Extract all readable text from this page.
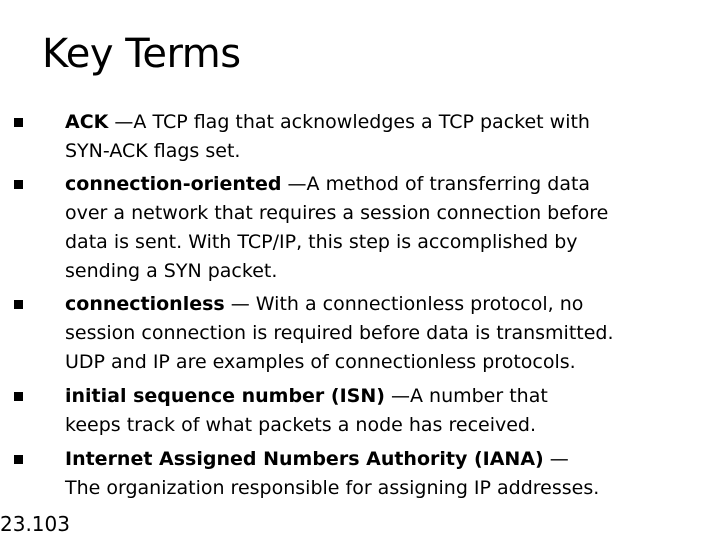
Key Terms
ACK —A TCP flag that acknowledges a TCP packet with
SYN-ACK flags set.
connection-oriented —A method of transferring data
over a network that requires a session connection before
data is sent. With TCP/IP, this step is accomplished by
sending a SYN packet.
connectionless — With a connectionless protocol, no
session connection is required before data is transmitted.
UDP and IP are examples of connectionless protocols.
initial sequence number (ISN) —A number that
keeps track of what packets a node has received.
Internet Assigned Numbers Authority (IANA) —
The organization responsible for assigning IP addresses.
23.103
